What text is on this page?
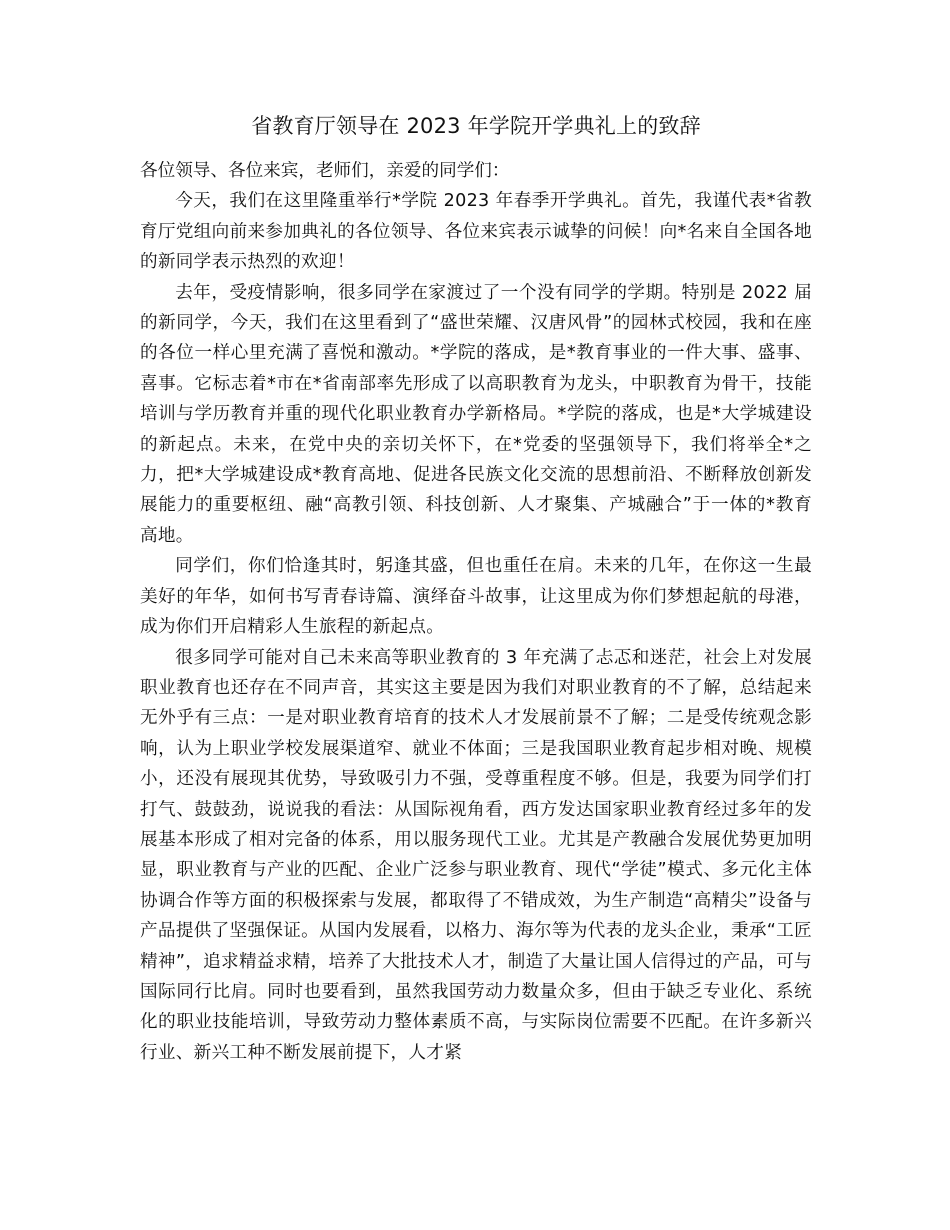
省教育厅领导在 2023 年学院开学典礼上的致辞

各位领导、各位来宾，老师们，亲爱的同学们：

今天，我们在这里隆重举行*学院 2023 年春季开学典礼。首先，我谨代表*省教育厅党组向前来参加典礼的各位领导、各位来宾表示诚挚的问候！向*名来自全国各地的新同学表示热烈的欢迎！

去年，受疫情影响，很多同学在家渡过了一个没有同学的学期。特别是 2022 届的新同学，今天，我们在这里看到了“盛世荣耀、汉唐风骨”的园林式校园，我和在座的各位一样心里充满了喜悦和激动。*学院的落成，是*教育事业的一件大事、盛事、喜事。它标志着*市在*省南部率先形成了以高职教育为龙头，中职教育为骨干，技能培训与学历教育并重的现代化职业教育办学新格局。*学院的落成，也是*大学城建设的新起点。未来，在党中央的亲切关怀下，在*党委的坚强领导下，我们将举全*之力，把*大学城建设成*教育高地、促进各民族文化交流的思想前沿、不断释放创新发展能力的重要枢纽、融“高教引领、科技创新、人才聚集、产城融合”于一体的*教育高地。

同学们，你们恰逢其时，躬逢其盛，但也重任在肩。未来的几年，在你这一生最美好的年华，如何书写青春诗篇、演绎奋斗故事，让这里成为你们梦想起航的母港，成为你们开启精彩人生旅程的新起点。

很多同学可能对自己未来高等职业教育的 3 年充满了忐忑和迷茫，社会上对发展职业教育也还存在不同声音，其实这主要是因为我们对职业教育的不了解，总结起来无外乎有三点：一是对职业教育培育的技术人才发展前景不了解；二是受传统观念影响，认为上职业学校发展渠道窄、就业不体面；三是我国职业教育起步相对晚、规模小，还没有展现其优势，导致吸引力不强，受尊重程度不够。但是，我要为同学们打打气、鼓鼓劲，说说我的看法：从国际视角看，西方发达国家职业教育经过多年的发展基本形成了相对完备的体系，用以服务现代工业。尤其是产教融合发展优势更加明显，职业教育与产业的匹配、企业广泛参与职业教育、现代“学徒”模式、多元化主体协调合作等方面的积极探索与发展，都取得了不错成效，为生产制造“高精尖”设备与产品提供了坚强保证。从国内发展看，以格力、海尔等为代表的龙头企业，秉承“工匠精神”，追求精益求精，培养了大批技术人才，制造了大量让国人信得过的产品，可与国际同行比肩。同时也要看到，虽然我国劳动力数量众多，但由于缺乏专业化、系统化的职业技能培训，导致劳动力整体素质不高，与实际岗位需要不匹配。在许多新兴行业、新兴工种不断发展前提下，人才紧
